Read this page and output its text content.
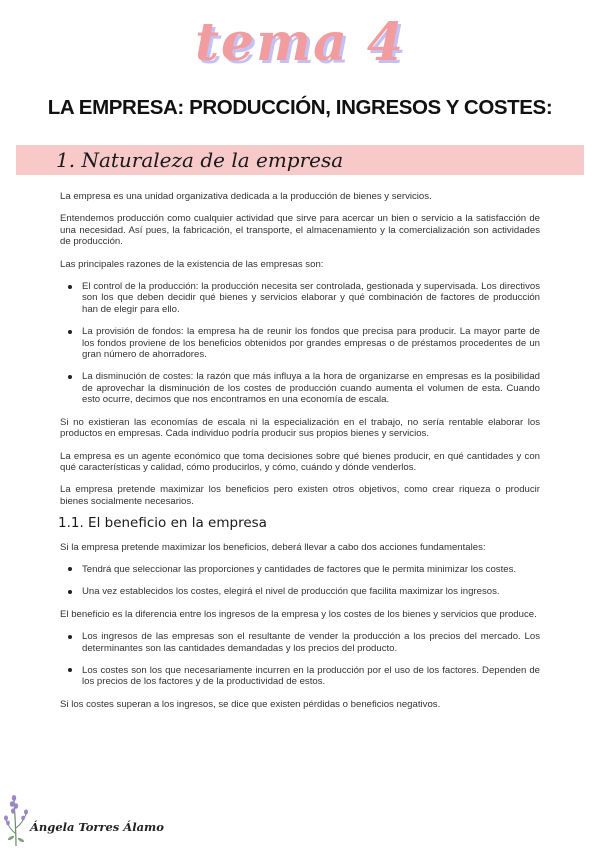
tema 4
LA EMPRESA: PRODUCCIÓN, INGRESOS Y COSTES:
1. Naturaleza de la empresa

La empresa es una unidad organizativa dedicada a la producción de bienes y servicios.

Entendemos producción como cualquier actividad que sirve para acercar un bien o servicio a la satisfacción de una necesidad. Así pues, la fabricación, el transporte, el almacenamiento y la comercialización son actividades de producción.

Las principales razones de la existencia de las empresas son:

El control de la producción: la producción necesita ser controlada, gestionada y supervisada. Los directivos son los que deben decidir qué bienes y servicios elaborar y qué combinación de factores de producción han de elegir para ello.
La provisión de fondos: la empresa ha de reunir los fondos que precisa para producir. La mayor parte de los fondos proviene de los beneficios obtenidos por grandes empresas o de préstamos procedentes de un gran número de ahorradores.
La disminución de costes: la razón que más influya a la hora de organizarse en empresas es la posibilidad de aprovechar la disminución de los costes de producción cuando aumenta el volumen de esta. Cuando esto ocurre, decimos que nos encontramos en una economía de escala.

Si no existieran las economías de escala ni la especialización en el trabajo, no sería rentable elaborar los productos en empresas. Cada individuo podría producir sus propios bienes y servicios.

La empresa es un agente económico que toma decisiones sobre qué bienes producir, en qué cantidades y con qué características y calidad, cómo producirlos, y cómo, cuándo y dónde venderlos.

La empresa pretende maximizar los beneficios pero existen otros objetivos, como crear riqueza o producir bienes socialmente necesarios.

1.1. El beneficio en la empresa

Si la empresa pretende maximizar los beneficios, deberá llevar a cabo dos acciones fundamentales:

Tendrá que seleccionar las proporciones y cantidades de factores que le permita minimizar los costes.
Una vez establecidos los costes, elegirá el nivel de producción que facilita maximizar los ingresos.

El beneficio es la diferencia entre los ingresos de la empresa y los costes de los bienes y servicios que produce.

Los ingresos de las empresas son el resultante de vender la producción a los precios del mercado. Los determinantes son las cantidades demandadas y los precios del producto.
Los costes son los que necesariamente incurren en la producción por el uso de los factores. Dependen de los precios de los factores y de la productividad de estos.

Si los costes superan a los ingresos, se dice que existen pérdidas o beneficios negativos.

Ángela Torres Álamo
